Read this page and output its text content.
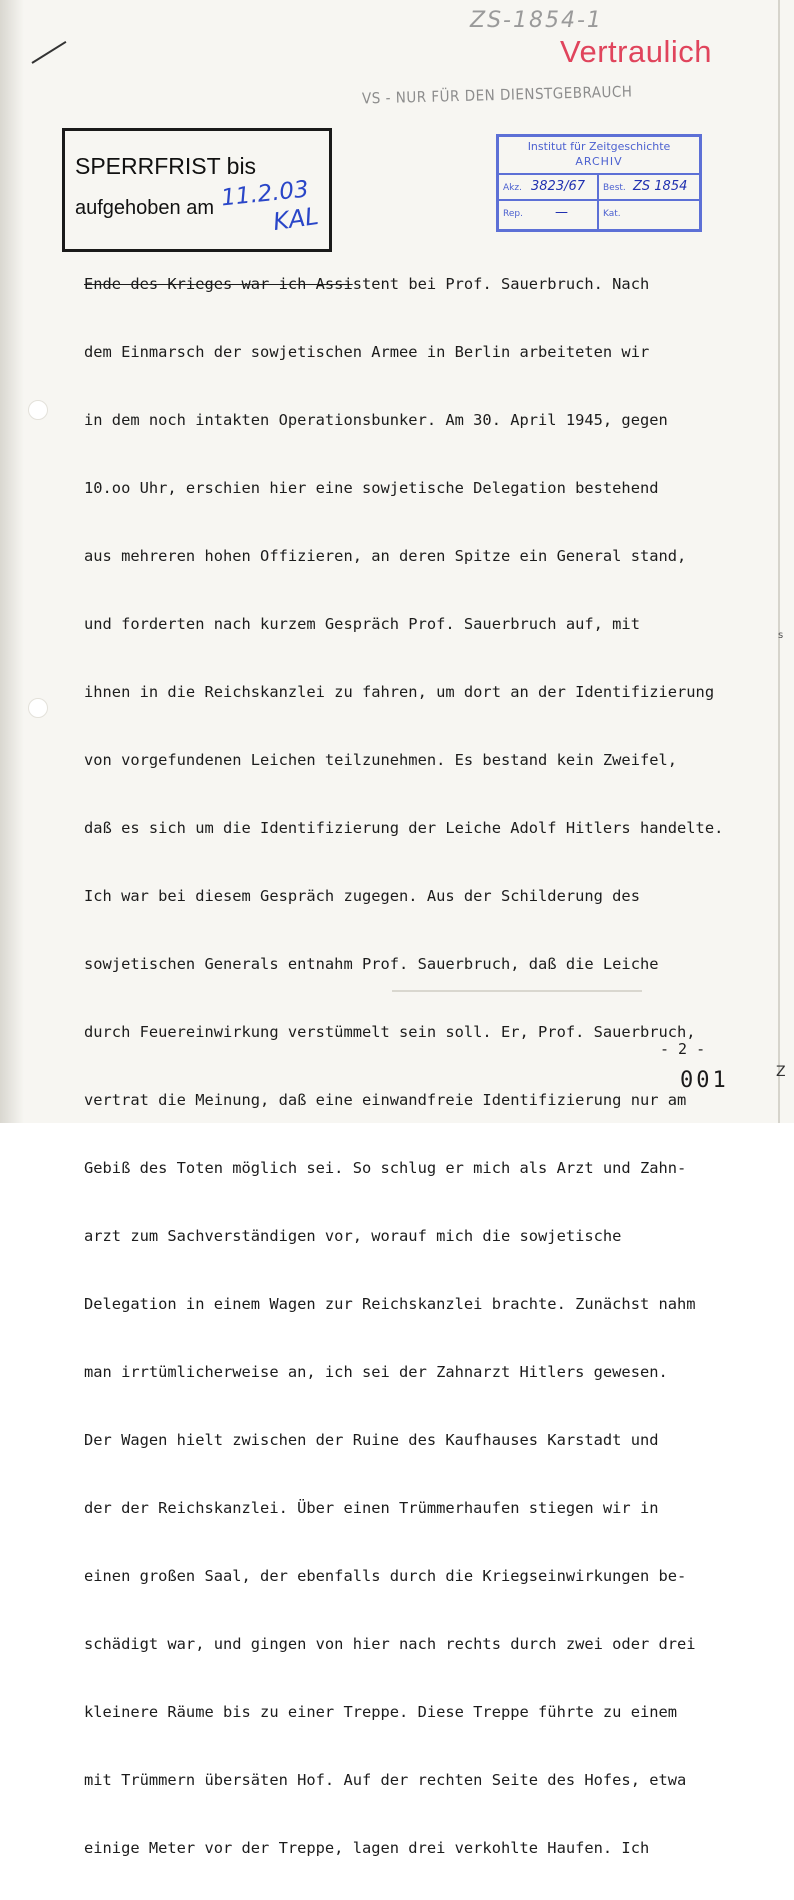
ZS-1854-1
Vertraulich
VS - NUR FÜR DEN DIENSTGEBRAUCH
SPERRFRIST bis
aufgehoben am 11.2.03
KAL
Institut für Zeitgeschichte
ARCHIV
Akz. 3823/67 Best. ZS 1854
Rep. —	Kat.

Ende des Krieges war ich Assistent bei Prof. Sauerbruch. Nach

dem Einmarsch der sowjetischen Armee in Berlin arbeiteten wir

in dem noch intakten Operationsbunker. Am 30. April 1945, gegen

10.oo Uhr, erschien hier eine sowjetische Delegation bestehend

aus mehreren hohen Offizieren, an deren Spitze ein General stand,

und forderten nach kurzem Gespräch Prof. Sauerbruch auf, mit

ihnen in die Reichskanzlei zu fahren, um dort an der Identifizierung

von vorgefundenen Leichen teilzunehmen. Es bestand kein Zweifel,

daß es sich um die Identifizierung der Leiche Adolf Hitlers handelte.

Ich war bei diesem Gespräch zugegen. Aus der Schilderung des

sowjetischen Generals entnahm Prof. Sauerbruch, daß die Leiche

durch Feuereinwirkung verstümmelt sein soll. Er, Prof. Sauerbruch,

vertrat die Meinung, daß eine einwandfreie Identifizierung nur am

Gebiß des Toten möglich sei. So schlug er mich als Arzt und Zahn-

arzt zum Sachverständigen vor, worauf mich die sowjetische

Delegation in einem Wagen zur Reichskanzlei brachte. Zunächst nahm

man irrtümlicherweise an, ich sei der Zahnarzt Hitlers gewesen.

Der Wagen hielt zwischen der Ruine des Kaufhauses Karstadt und

der der Reichskanzlei. Über einen Trümmerhaufen stiegen wir in

einen großen Saal, der ebenfalls durch die Kriegseinwirkungen be-

schädigt war, und gingen von hier nach rechts durch zwei oder drei

kleinere Räume bis zu einer Treppe. Diese Treppe führte zu einem

mit Trümmern übersäten Hof. Auf der rechten Seite des Hofes, etwa

einige Meter vor der Treppe, lagen drei verkohlte Haufen. Ich

s
Z
- 2 -
001
